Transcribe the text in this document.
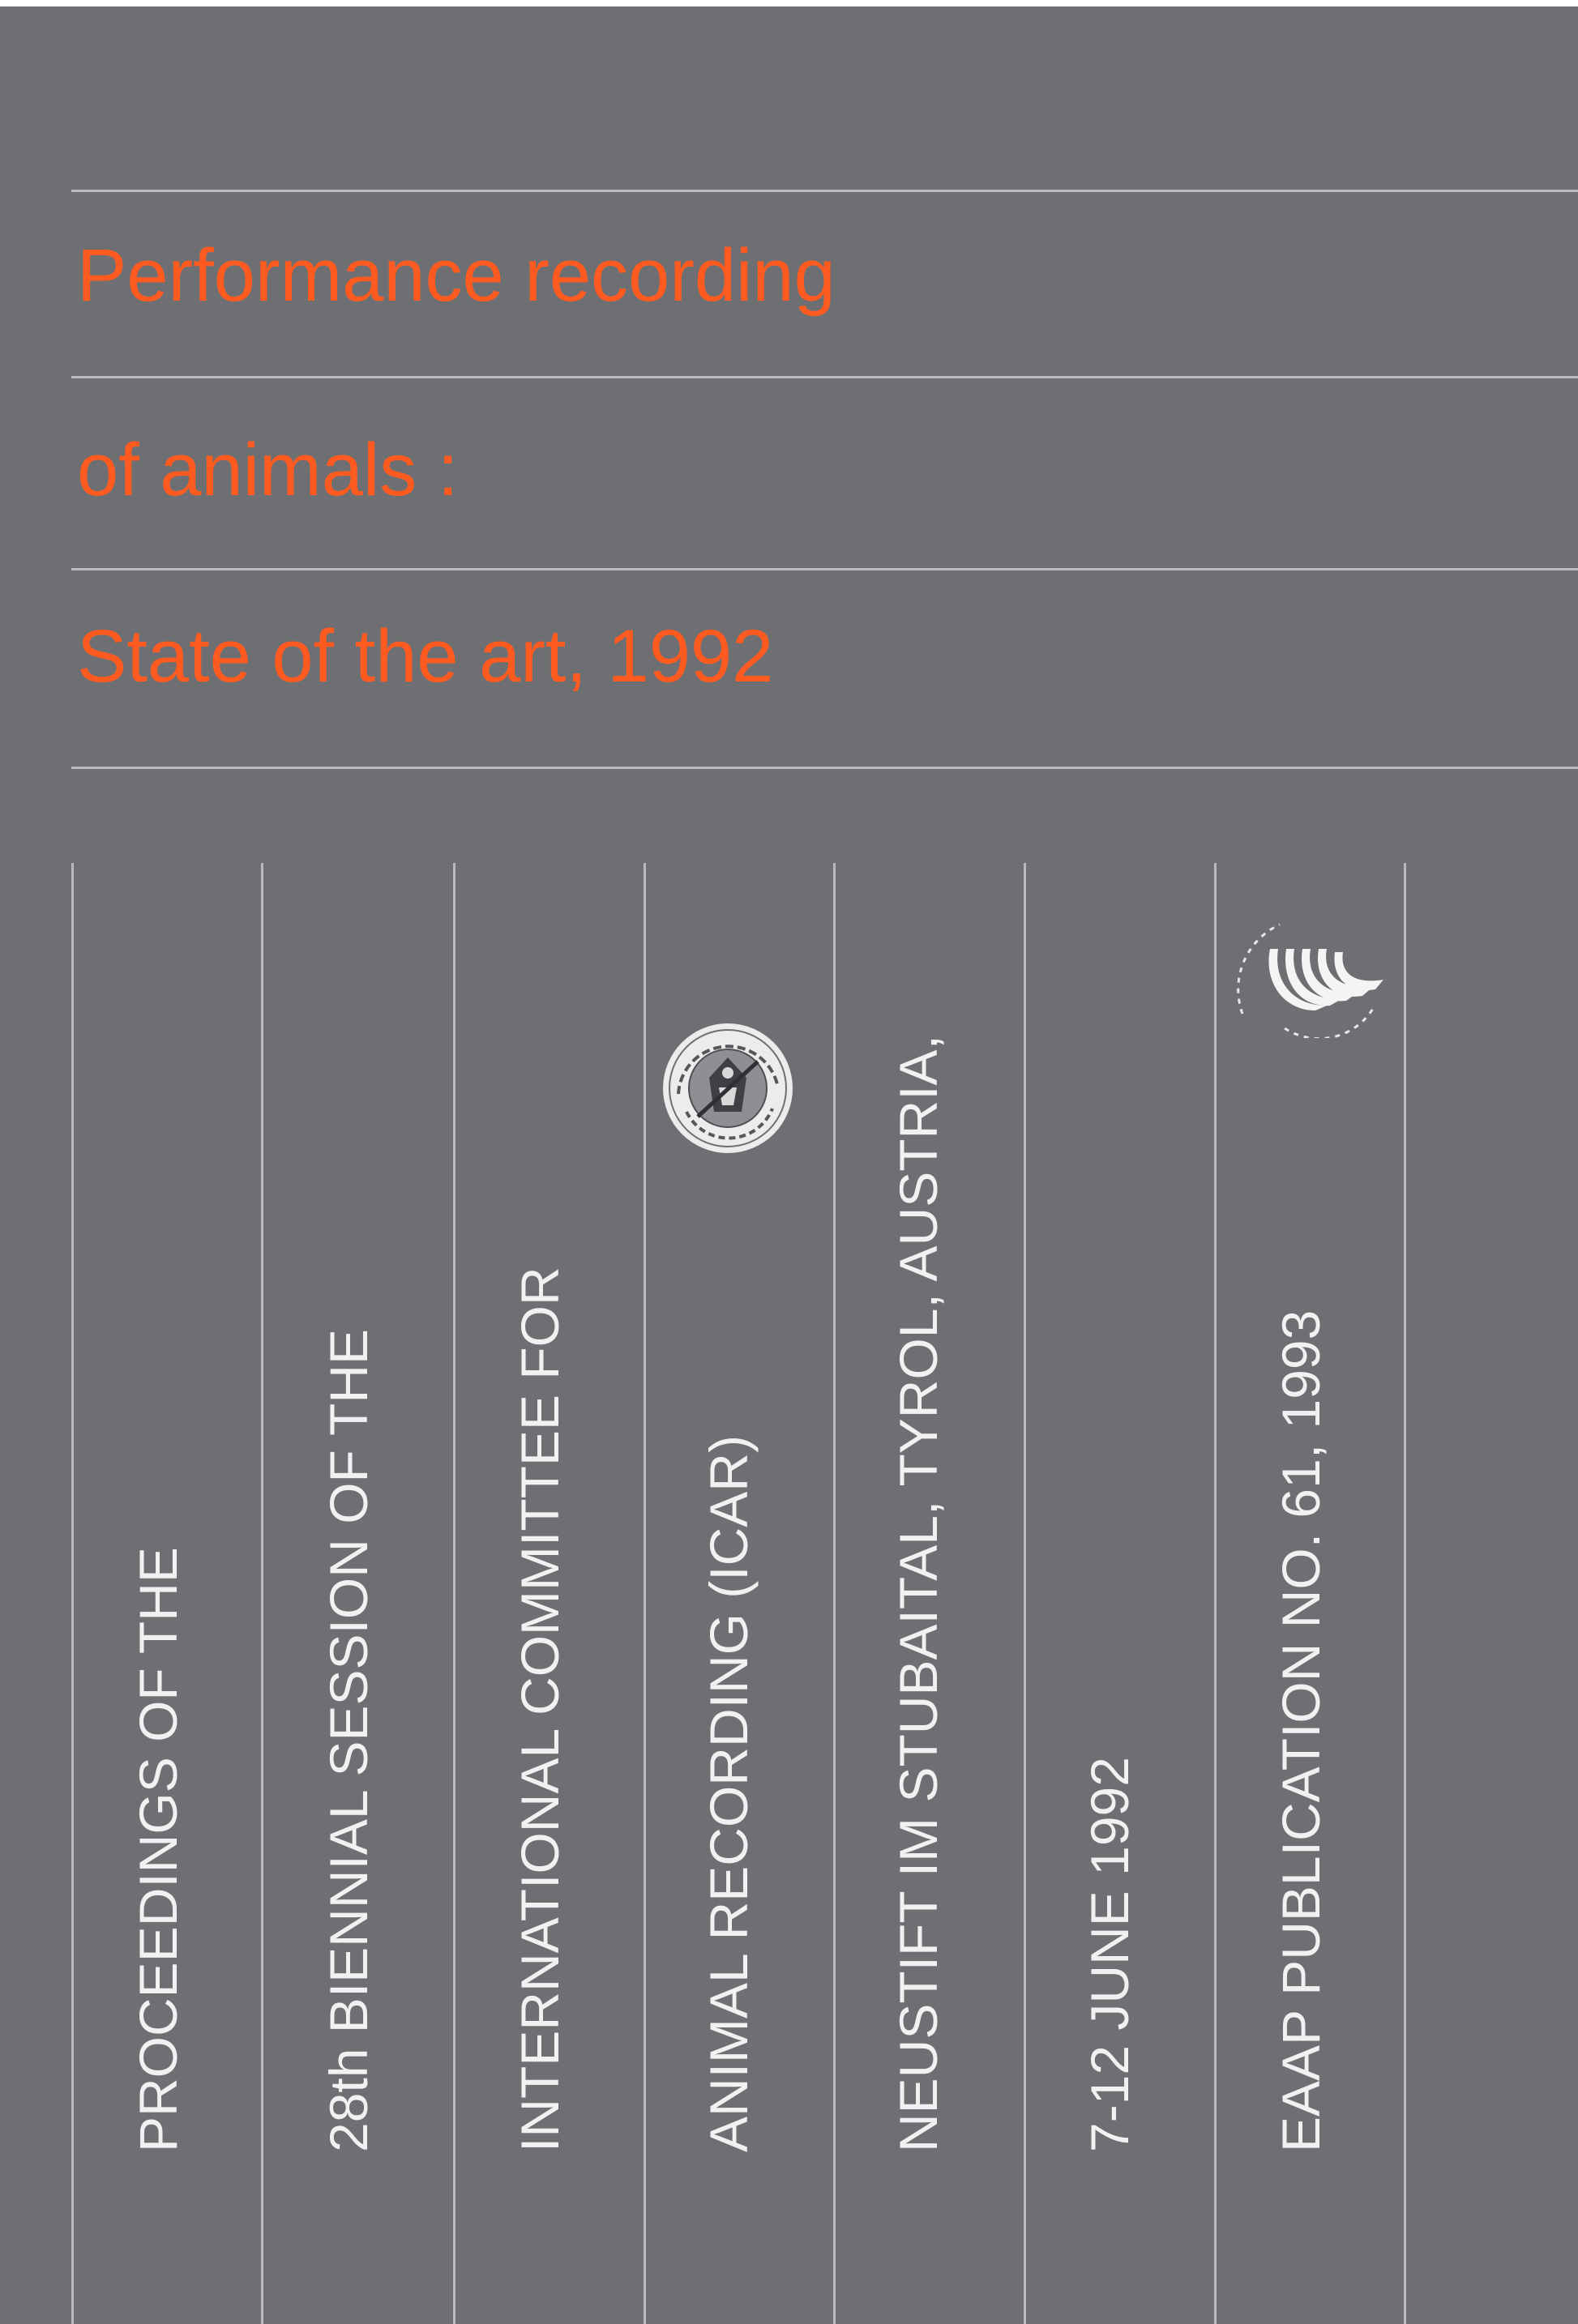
Performance recording
of animals :
State of the art, 1992
PROCEEDINGS OF THE 28th BIENNIAL SESSION OF THE INTERNATIONAL COMMITTEE FOR ANIMAL RECORDING (ICAR) NEUSTIFT IM STUBAITAL, TYROL, AUSTRIA, 7-12 JUNE 1992 EAAP PUBLICATION NO. 61, 1993
